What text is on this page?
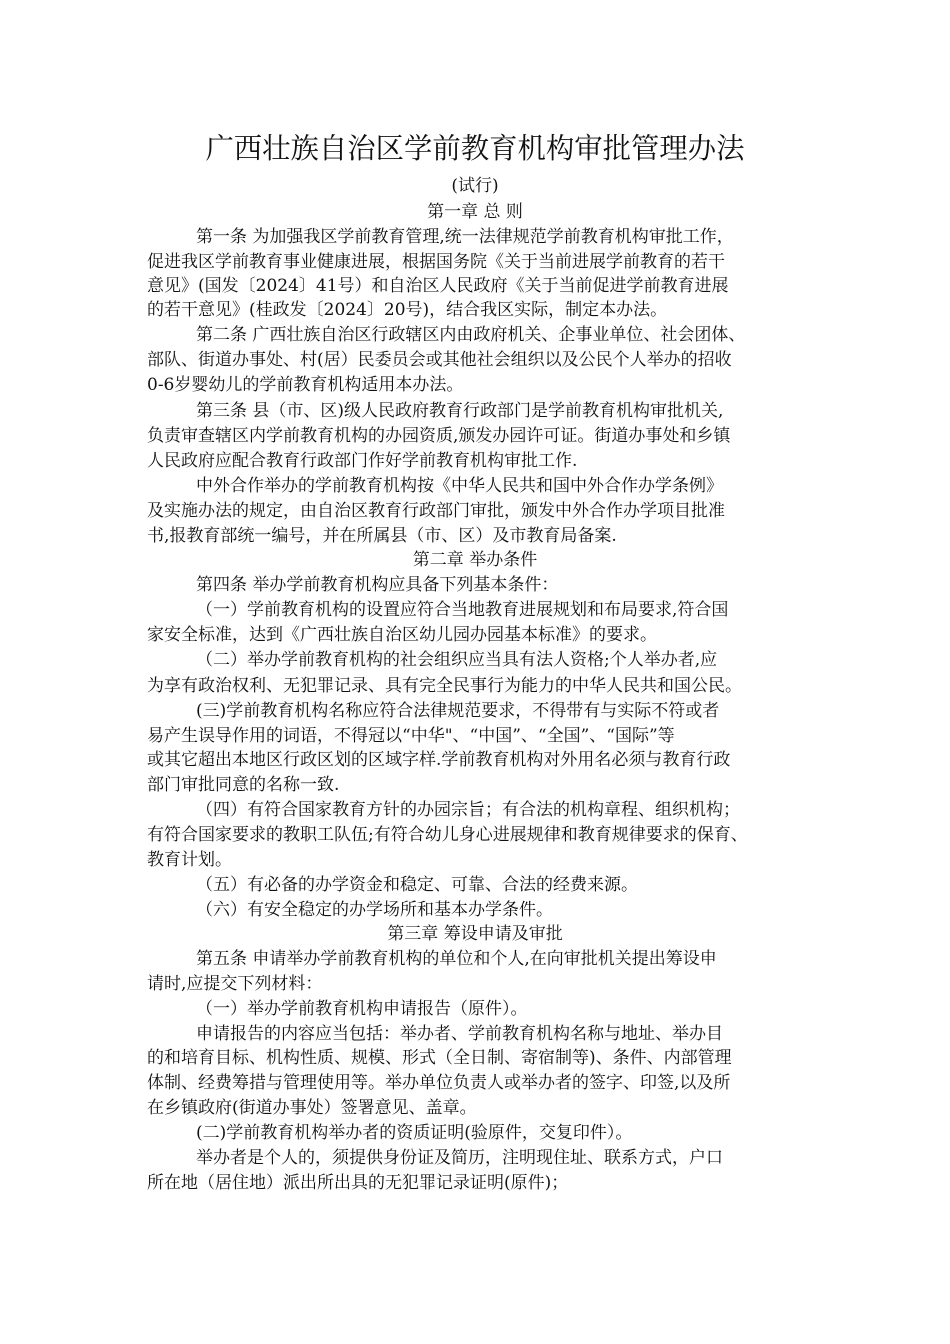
广西壮族自治区学前教育机构审批管理办法
(试行)
第一章 总 则
第一条 为加强我区学前教育管理,统一法律规范学前教育机构审批工作，
促进我区学前教育事业健康进展，根据国务院《关于当前进展学前教育的若干
意见》(国发〔2024〕41号）和自治区人民政府《关于当前促进学前教育进展
的若干意见》(桂政发〔2024〕20号)，结合我区实际，制定本办法。
第二条 广西壮族自治区行政辖区内由政府机关、企事业单位、社会团体、
部队、街道办事处、村(居）民委员会或其他社会组织以及公民个人举办的招收
0-6岁婴幼儿的学前教育机构适用本办法。
第三条 县（市、区)级人民政府教育行政部门是学前教育机构审批机关,
负责审查辖区内学前教育机构的办园资质,颁发办园许可证。街道办事处和乡镇
人民政府应配合教育行政部门作好学前教育机构审批工作.
中外合作举办的学前教育机构按《中华人民共和国中外合作办学条例》
及实施办法的规定，由自治区教育行政部门审批，颁发中外合作办学项目批准
书,报教育部统一编号，并在所属县（市、区）及市教育局备案.
第二章 举办条件
第四条 举办学前教育机构应具备下列基本条件：
（一）学前教育机构的设置应符合当地教育进展规划和布局要求,符合国
家安全标准，达到《广西壮族自治区幼儿园办园基本标准》的要求。
（二）举办学前教育机构的社会组织应当具有法人资格;个人举办者,应
为享有政治权利、无犯罪记录、具有完全民事行为能力的中华人民共和国公民。
(三)学前教育机构名称应符合法律规范要求，不得带有与实际不符或者
易产生误导作用的词语，不得冠以“中华"、“中国”、“全国”、“国际”等
或其它超出本地区行政区划的区域字样.学前教育机构对外用名必须与教育行政
部门审批同意的名称一致.
（四）有符合国家教育方针的办园宗旨；有合法的机构章程、组织机构；
有符合国家要求的教职工队伍;有符合幼儿身心进展规律和教育规律要求的保育、
教育计划。
（五）有必备的办学资金和稳定、可靠、合法的经费来源。
（六）有安全稳定的办学场所和基本办学条件。
第三章 筹设申请及审批
第五条 申请举办学前教育机构的单位和个人,在向审批机关提出筹设申
请时,应提交下列材料：
（一）举办学前教育机构申请报告（原件）。
申请报告的内容应当包括：举办者、学前教育机构名称与地址、举办目
的和培育目标、机构性质、规模、形式（全日制、寄宿制等)、条件、内部管理
体制、经费筹措与管理使用等。举办单位负责人或举办者的签字、印签,以及所
在乡镇政府(街道办事处）签署意见、盖章。
(二)学前教育机构举办者的资质证明(验原件，交复印件）。
举办者是个人的，须提供身份证及简历，注明现住址、联系方式，户口
所在地（居住地）派出所出具的无犯罪记录证明(原件)；
